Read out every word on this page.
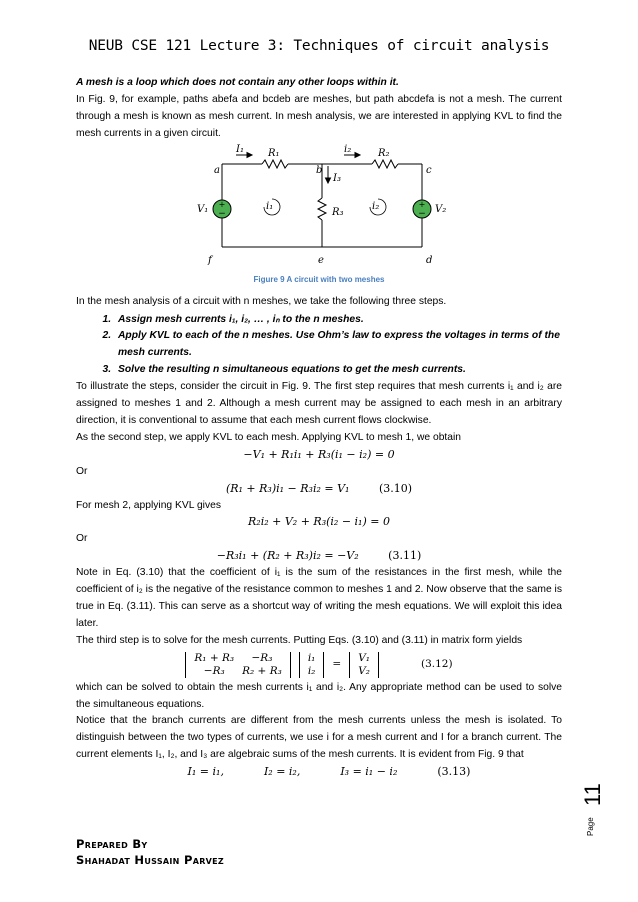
NEUB CSE 121 Lecture 3: Techniques of circuit analysis

A mesh is a loop which does not contain any other loops within it.

In Fig. 9, for example, paths abefa and bcdeb are meshes, but path abcdefa is not a mesh. The current through a mesh is known as mesh current. In mesh analysis, we are interested in applying KVL to find the mesh currents in a given circuit.

+
−
+
−
a	b	c
d
e
f
I₁	i₂
I₃
R₁	R₂
R₃
i₁	i₂
V₁	V₂
Figure 9 A circuit with two meshes

In the mesh analysis of a circuit with n meshes, we take the following three steps.

1. Assign mesh currents i₁, i₂, … , iₙ to the n meshes.
2. Apply KVL to each of the n meshes. Use Ohm’s law to express the voltages in terms of the mesh currents.
3. Solve the resulting n simultaneous equations to get the mesh currents.

To illustrate the steps, consider the circuit in Fig. 9. The first step requires that mesh currents i₁ and i₂ are assigned to meshes 1 and 2. Although a mesh current may be assigned to each mesh in an arbitrary direction, it is conventional to assume that each mesh current flows clockwise.

As the second step, we apply KVL to each mesh. Applying KVL to mesh 1, we obtain

−V₁ + R₁i₁ + R₃(i₁ − i₂) = 0

Or

(R₁ + R₃)i₁ − R₃i₂ = V₁	(3.10)

For mesh 2, applying KVL gives

R₂i₂ + V₂ + R₃(i₂ − i₁) = 0

Or

−R₃i₁ + (R₂ + R₃)i₂ = −V₂	(3.11)

Note in Eq. (3.10) that the coefficient of i₁ is the sum of the resistances in the first mesh, while the coefficient of i₂ is the negative of the resistance common to meshes 1 and 2. Now observe that the same is true in Eq. (3.11). This can serve as a shortcut way of writing the mesh equations. We will exploit this idea later.

The third step is to solve for the mesh currents. Putting Eqs. (3.10) and (3.11) in matrix form yields

R₁ + R₃	−R₃
−R₃	R₂ + R₃
i₁
i₂
=
V₁
V₂
(3.12)

which can be solved to obtain the mesh currents i₁ and i₂. Any appropriate method can be used to solve the simultaneous equations.

Notice that the branch currents are different from the mesh currents unless the mesh is isolated. To distinguish between the two types of currents, we use i for a mesh current and I for a branch current. The current elements I₁, I₂, and I₃ are algebraic sums of the mesh currents. It is evident from Fig. 9 that

I₁ = i₁,	I₂ = i₂,	I₃ = i₁ − i₂	(3.13)
11
Page
Prepared By
Shahadat Hussain Parvez
